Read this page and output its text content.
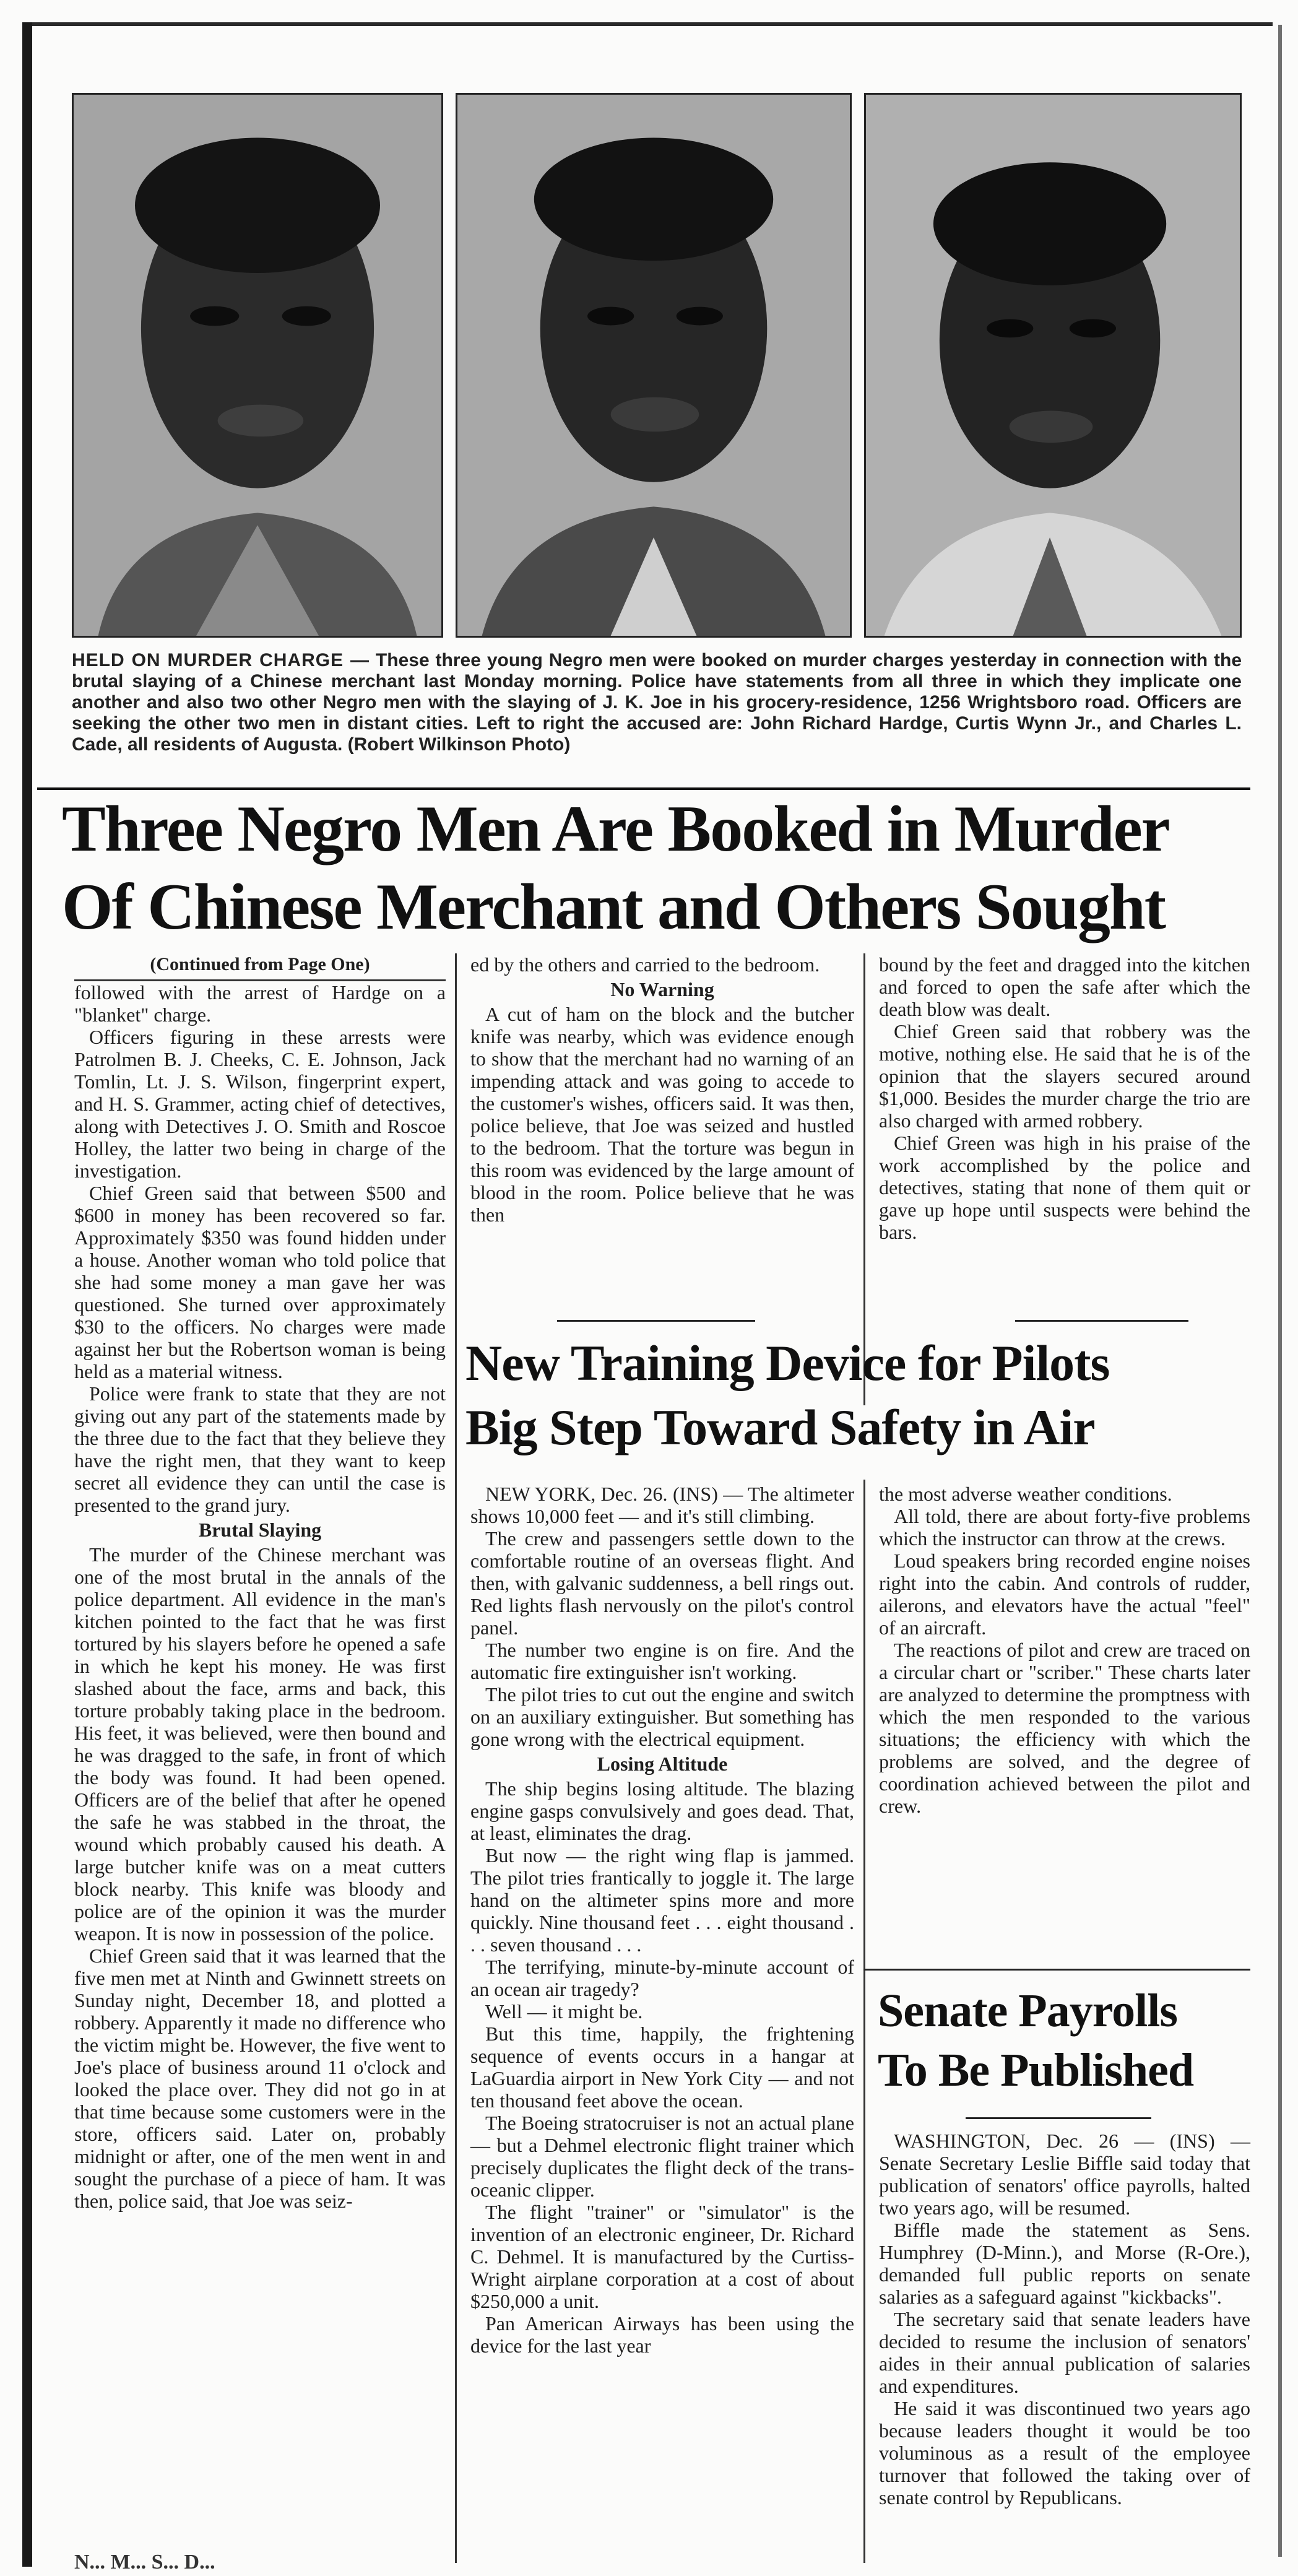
HELD ON MURDER CHARGE — These three young Negro men were booked on murder charges yesterday in connection with the brutal slaying of a Chinese merchant last Monday morning. Police have statements from all three in which they implicate one another and also two other Negro men with the slaying of J. K. Joe in his grocery-residence, 1256 Wrightsboro road. Officers are seeking the other two men in distant cities. Left to right the accused are: John Richard Hardge, Curtis Wynn Jr., and Charles L. Cade, all residents of Augusta. (Robert Wilkinson Photo)
Three Negro Men Are Booked in Murder
Of Chinese Merchant and Others Sought

(Continued from Page One)

followed with the arrest of Hardge on a "blanket" charge.

Officers figuring in these arrests were Patrolmen B. J. Cheeks, C. E. Johnson, Jack Tomlin, Lt. J. S. Wilson, fingerprint expert, and H. S. Grammer, acting chief of detectives, along with Detectives J. O. Smith and Roscoe Holley, the latter two being in charge of the investigation.

Chief Green said that between $500 and $600 in money has been recovered so far. Approximately $350 was found hidden under a house. Another woman who told police that she had some money a man gave her was questioned. She turned over approximately $30 to the officers. No charges were made against her but the Robertson woman is being held as a material witness.

Police were frank to state that they are not giving out any part of the statements made by the three due to the fact that they believe they have the right men, that they want to keep secret all evidence they can until the case is presented to the grand jury.

Brutal Slaying

The murder of the Chinese merchant was one of the most brutal in the annals of the police department. All evidence in the man's kitchen pointed to the fact that he was first tortured by his slayers before he opened a safe in which he kept his money. He was first slashed about the face, arms and back, this torture probably taking place in the bedroom. His feet, it was believed, were then bound and he was dragged to the safe, in front of which the body was found. It had been opened. Officers are of the belief that after he opened the safe he was stabbed in the throat, the wound which probably caused his death. A large butcher knife was on a meat cutters block nearby. This knife was bloody and police are of the opinion it was the murder weapon. It is now in possession of the police.

Chief Green said that it was learned that the five men met at Ninth and Gwinnett streets on Sunday night, December 18, and plotted a robbery. Apparently it made no difference who the victim might be. However, the five went to Joe's place of business around 11 o'clock and looked the place over. They did not go in at that time because some customers were in the store, officers said. Later on, probably midnight or after, one of the men went in and sought the purchase of a piece of ham. It was then, police said, that Joe was seiz-

ed by the others and carried to the bedroom.

No Warning

A cut of ham on the block and the butcher knife was nearby, which was evidence enough to show that the merchant had no warning of an impending attack and was going to accede to the customer's wishes, officers said. It was then, police believe, that Joe was seized and hustled to the bedroom. That the torture was begun in this room was evidenced by the large amount of blood in the room. Police believe that he was then

bound by the feet and dragged into the kitchen and forced to open the safe after which the death blow was dealt.

Chief Green said that robbery was the motive, nothing else. He said that he is of the opinion that the slayers secured around $1,000. Besides the murder charge the trio are also charged with armed robbery.

Chief Green was high in his praise of the work accomplished by the police and detectives, stating that none of them quit or gave up hope until suspects were behind the bars.

New Training Device for Pilots
Big Step Toward Safety in Air

NEW YORK, Dec. 26. (INS) — The altimeter shows 10,000 feet — and it's still climbing.

The crew and passengers settle down to the comfortable routine of an overseas flight. And then, with galvanic suddenness, a bell rings out. Red lights flash nervously on the pilot's control panel.

The number two engine is on fire. And the automatic fire extinguisher isn't working.

The pilot tries to cut out the engine and switch on an auxiliary extinguisher. But something has gone wrong with the electrical equipment.

Losing Altitude

The ship begins losing altitude. The blazing engine gasps convulsively and goes dead. That, at least, eliminates the drag.

But now — the right wing flap is jammed. The pilot tries frantically to joggle it. The large hand on the altimeter spins more and more quickly. Nine thousand feet . . . eight thousand . . . seven thousand . . .

The terrifying, minute-by-minute account of an ocean air tragedy?

Well — it might be.

But this time, happily, the frightening sequence of events occurs in a hangar at LaGuardia airport in New York City — and not ten thousand feet above the ocean.

The Boeing stratocruiser is not an actual plane — but a Dehmel electronic flight trainer which precisely duplicates the flight deck of the trans-oceanic clipper.

The flight "trainer" or "simulator" is the invention of an electronic engineer, Dr. Richard C. Dehmel. It is manufactured by the Curtiss-Wright airplane corporation at a cost of about $250,000 a unit.

Pan American Airways has been using the device for the last year

the most adverse weather conditions.

All told, there are about forty-five problems which the instructor can throw at the crews.

Loud speakers bring recorded engine noises right into the cabin. And controls of rudder, ailerons, and elevators have the actual "feel" of an aircraft.

The reactions of pilot and crew are traced on a circular chart or "scriber." These charts later are analyzed to determine the promptness with which the men responded to the various situations; the efficiency with which the problems are solved, and the degree of coordination achieved between the pilot and crew.

Senate Payrolls
To Be Published

WASHINGTON, Dec. 26 — (INS) — Senate Secretary Leslie Biffle said today that publication of senators' office payrolls, halted two years ago, will be resumed.

Biffle made the statement as Sens. Humphrey (D-Minn.), and Morse (R-Ore.), demanded full public reports on senate salaries as a safeguard against "kickbacks".

The secretary said that senate leaders have decided to resume the inclusion of senators' aides in their annual publication of salaries and expenditures.

He said it was discontinued two years ago because leaders thought it would be too voluminous as a result of the employee turnover that followed the taking over of senate control by Republicans.

N... M... S... D...
